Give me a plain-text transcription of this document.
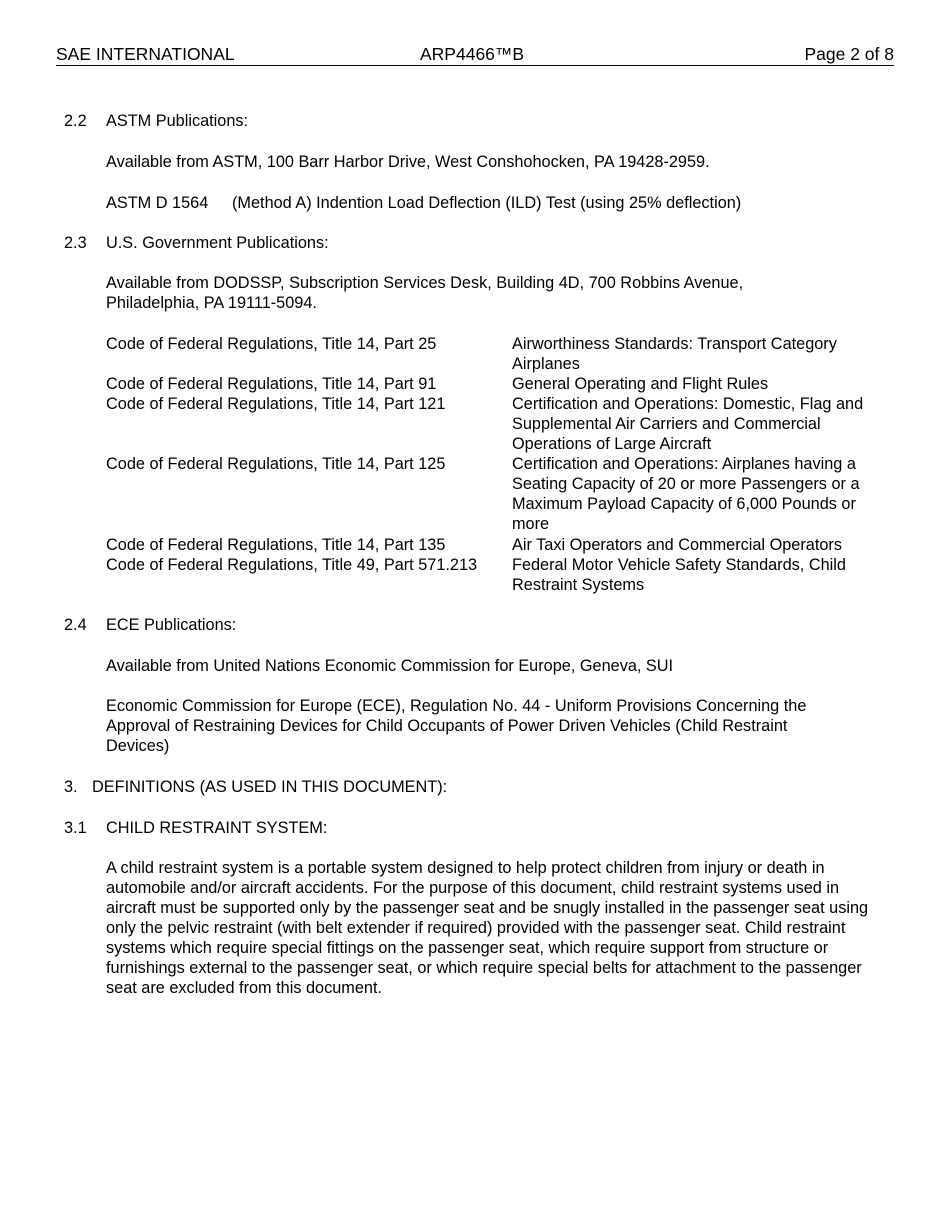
SAE INTERNATIONAL	ARP4466™B	Page 2 of 8
2.2 ASTM Publications:
Available from ASTM, 100 Barr Harbor Drive, West Conshohocken, PA 19428-2959.
ASTM D 1564 (Method A) Indention Load Deflection (ILD) Test (using 25% deflection)
2.3 U.S. Government Publications:
Available from DODSSP, Subscription Services Desk, Building 4D, 700 Robbins Avenue, Philadelphia, PA 19111-5094.
Code of Federal Regulations, Title 14, Part 25	Airworthiness Standards: Transport Category Airplanes
Code of Federal Regulations, Title 14, Part 91	General Operating and Flight Rules
Code of Federal Regulations, Title 14, Part 121	Certification and Operations: Domestic, Flag and Supplemental Air Carriers and Commercial Operations of Large Aircraft
Code of Federal Regulations, Title 14, Part 125	Certification and Operations: Airplanes having a Seating Capacity of 20 or more Passengers or a Maximum Payload Capacity of 6,000 Pounds or more
Code of Federal Regulations, Title 14, Part 135	Air Taxi Operators and Commercial Operators
Code of Federal Regulations, Title 49, Part 571.213 Federal Motor Vehicle Safety Standards, Child Restraint Systems
2.4 ECE Publications:
Available from United Nations Economic Commission for Europe, Geneva, SUI
Economic Commission for Europe (ECE), Regulation No. 44 - Uniform Provisions Concerning the Approval of Restraining Devices for Child Occupants of Power Driven Vehicles (Child Restraint Devices)
3. DEFINITIONS (AS USED IN THIS DOCUMENT):
3.1 CHILD RESTRAINT SYSTEM:
A child restraint system is a portable system designed to help protect children from injury or death in automobile and/or aircraft accidents. For the purpose of this document, child restraint systems used in aircraft must be supported only by the passenger seat and be snugly installed in the passenger seat using only the pelvic restraint (with belt extender if required) provided with the passenger seat. Child restraint systems which require special fittings on the passenger seat, which require support from structure or furnishings external to the passenger seat, or which require special belts for attachment to the passenger seat are excluded from this document.
